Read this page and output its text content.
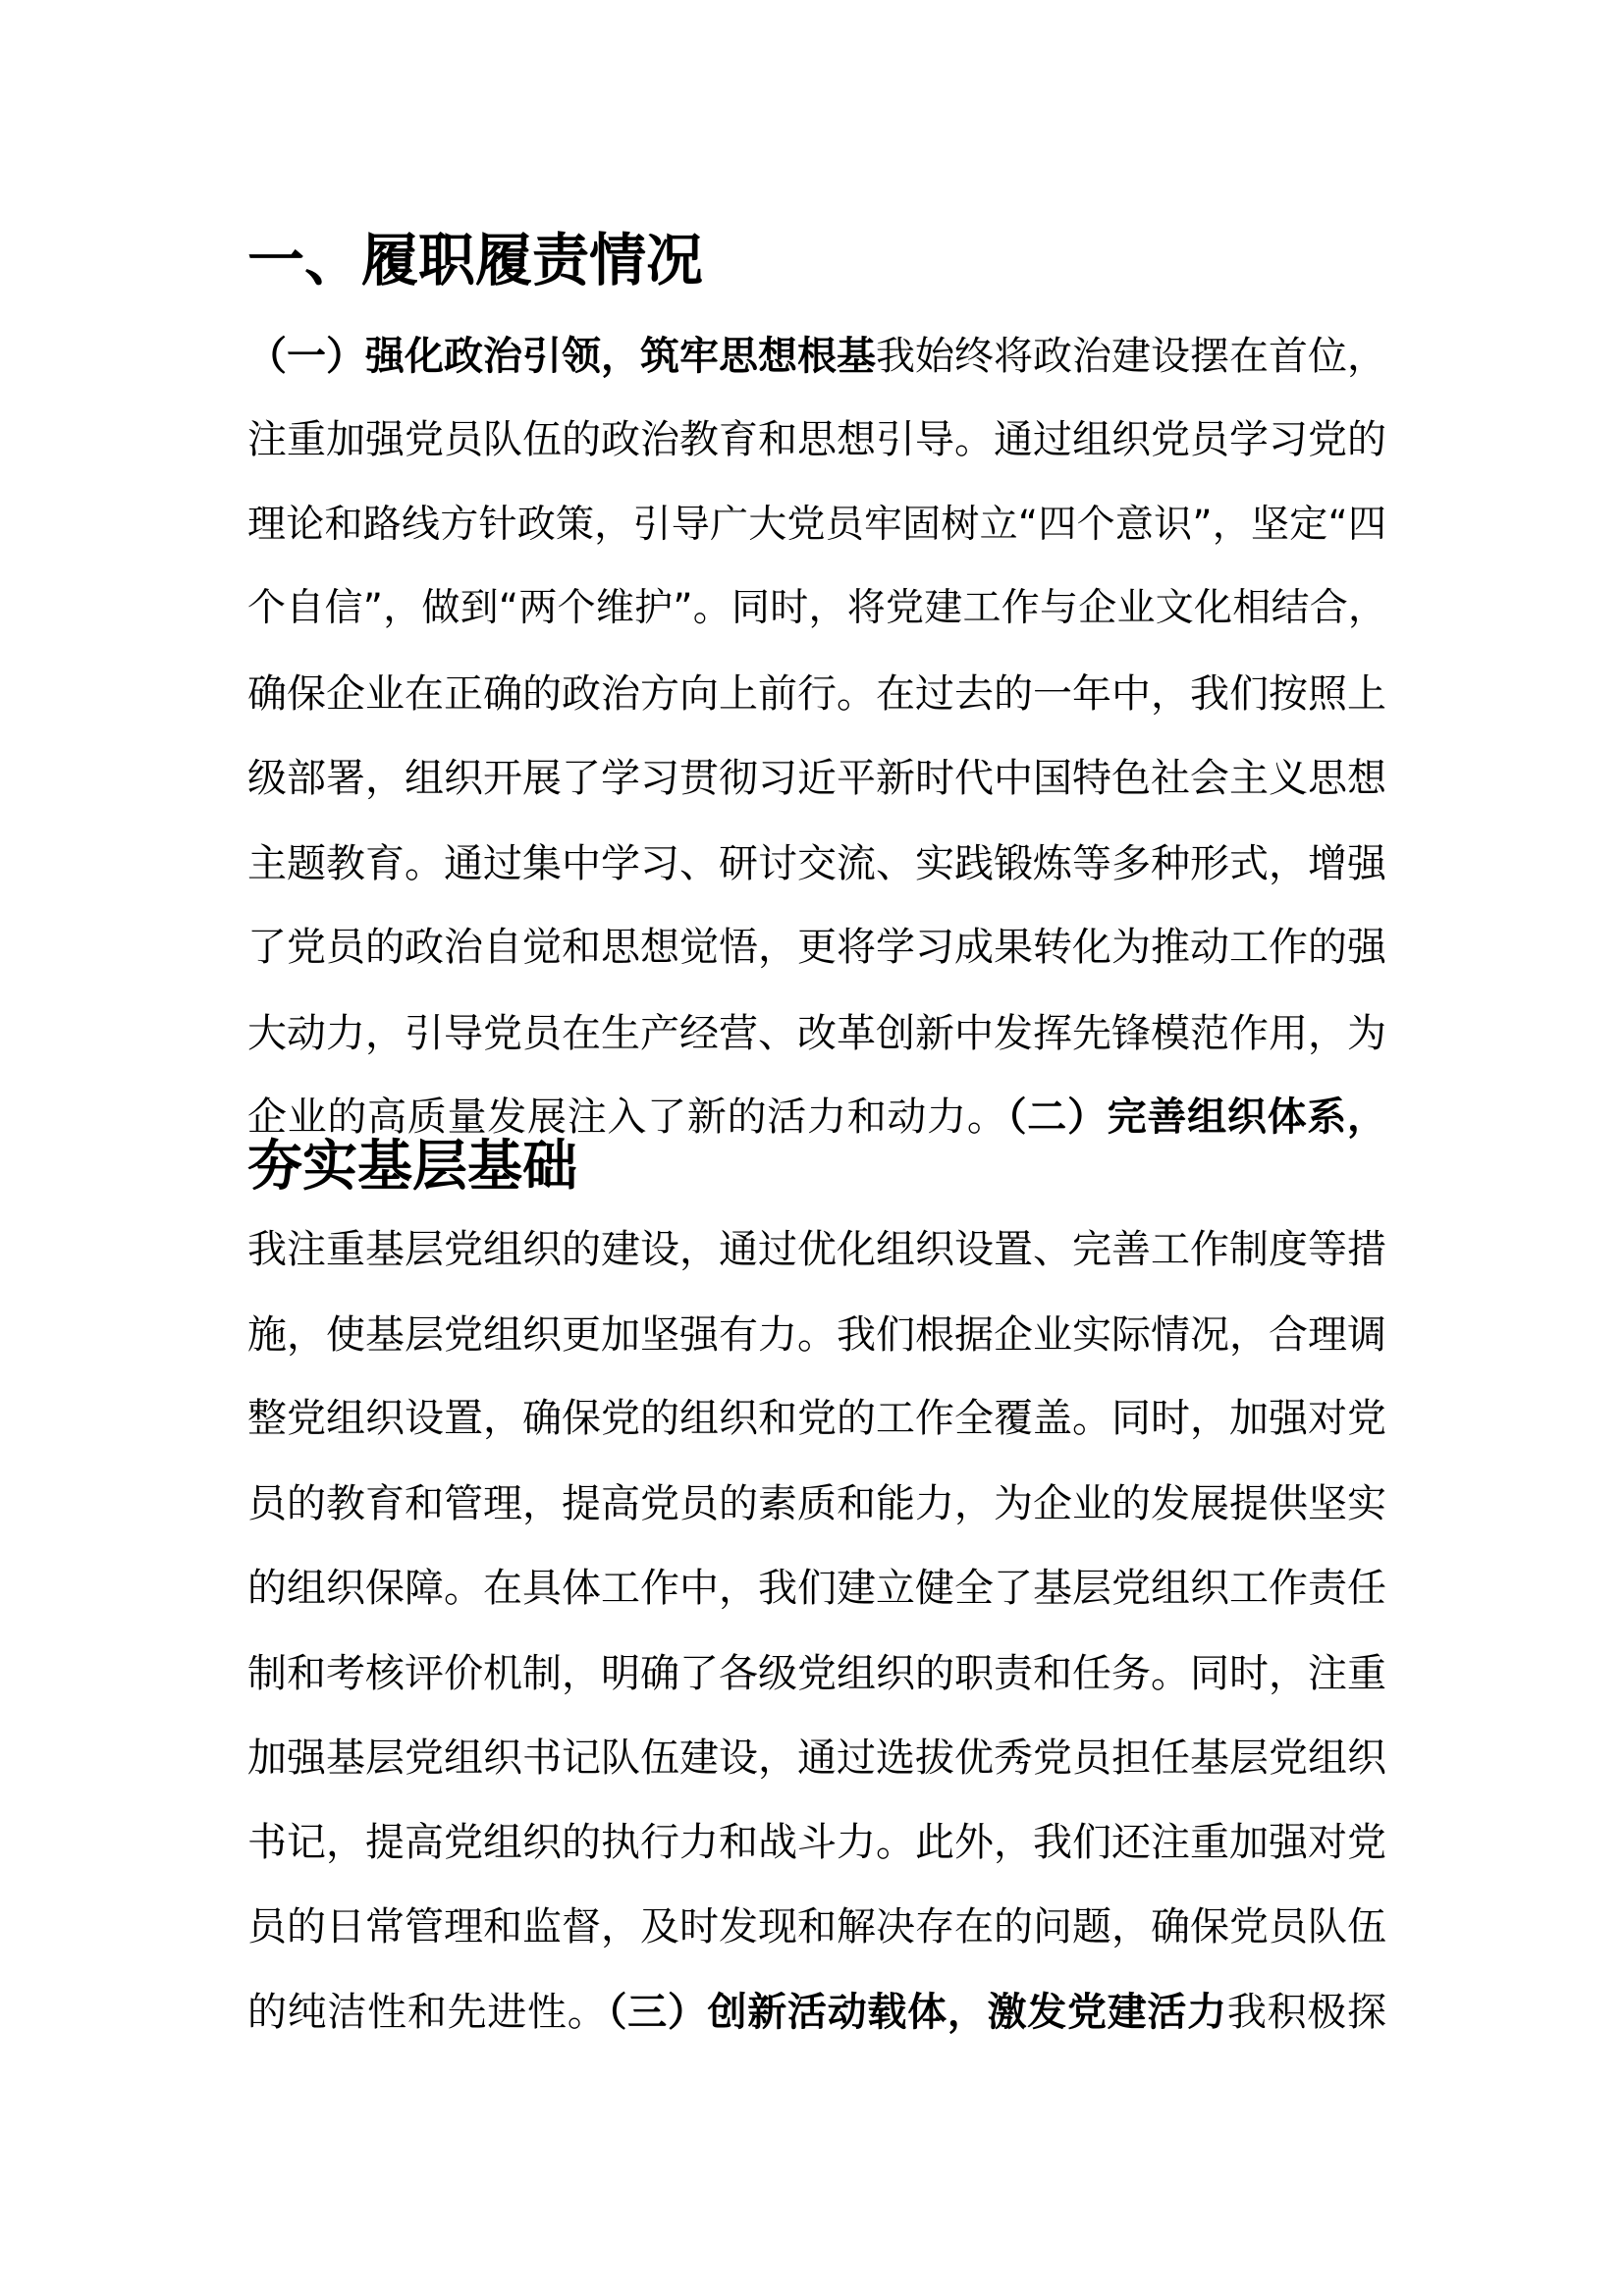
一、履职履责情况
（一）强化政治引领，筑牢思想根基我始终将政治建设摆在首位，
注重加强党员队伍的政治教育和思想引导。通过组织党员学习党的
理论和路线方针政策，引导广大党员牢固树立“四个意识”，坚定“四
个自信”，做到“两个维护”。同时，将党建工作与企业文化相结合，
确保企业在正确的政治方向上前行。在过去的一年中，我们按照上
级部署，组织开展了学习贯彻习近平新时代中国特色社会主义思想
主题教育。通过集中学习、研讨交流、实践锻炼等多种形式，增强
了党员的政治自觉和思想觉悟，更将学习成果转化为推动工作的强
大动力，引导党员在生产经营、改革创新中发挥先锋模范作用，为
企业的高质量发展注入了新的活力和动力。（二）完善组织体系，
夯实基层基础
我注重基层党组织的建设，通过优化组织设置、完善工作制度等措
施，使基层党组织更加坚强有力。我们根据企业实际情况，合理调
整党组织设置，确保党的组织和党的工作全覆盖。同时，加强对党
员的教育和管理，提高党员的素质和能力，为企业的发展提供坚实
的组织保障。在具体工作中，我们建立健全了基层党组织工作责任
制和考核评价机制，明确了各级党组织的职责和任务。同时，注重
加强基层党组织书记队伍建设，通过选拔优秀党员担任基层党组织
书记，提高党组织的执行力和战斗力。此外，我们还注重加强对党
员的日常管理和监督，及时发现和解决存在的问题，确保党员队伍
的纯洁性和先进性。（三）创新活动载体，激发党建活力我积极探
